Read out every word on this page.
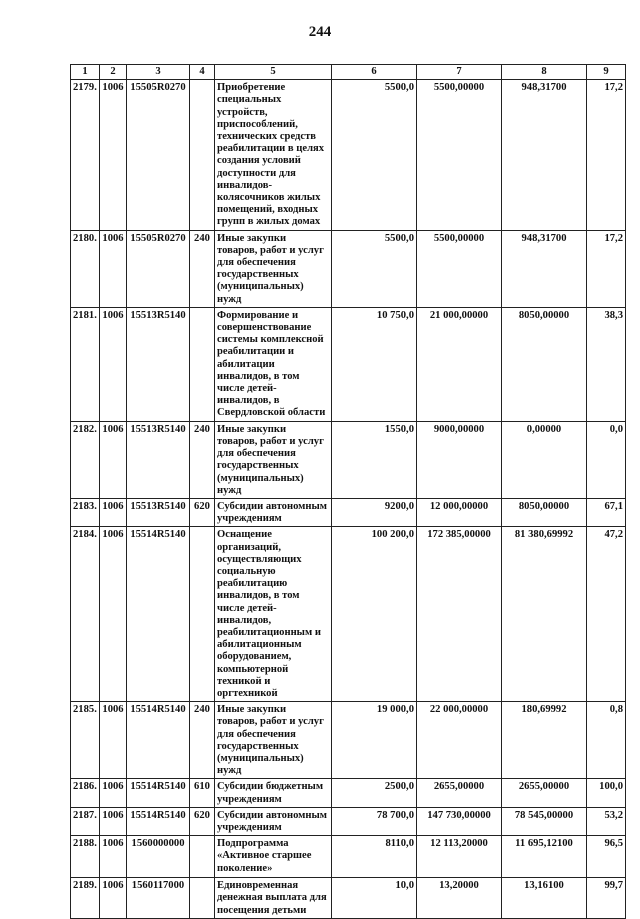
244
1	2	3	4	5	6	7	8	9
2179.	1006	15505R0270		Приобретение специальных устройств, приспособлений, технических средств реабилитации в целях создания условий доступности для инвалидов-колясочников жилых помещений, входных групп в жилых домах	5500,0	5500,00000	948,31700	17,2
2180.	1006	15505R0270	240	Иные закупки товаров, работ и услуг для обеспечения государственных (муниципальных) нужд	5500,0	5500,00000	948,31700	17,2
2181.	1006	15513R5140		Формирование и совершенствование системы комплексной реабилитации и абилитации инвалидов, в том числе детей-инвалидов, в Свердловской области	10 750,0	21 000,00000	8050,00000	38,3
2182.	1006	15513R5140	240	Иные закупки товаров, работ и услуг для обеспечения государственных (муниципальных) нужд	1550,0	9000,00000	0,00000	0,0
2183.	1006	15513R5140	620	Субсидии автономным учреждениям	9200,0	12 000,00000	8050,00000	67,1
2184.	1006	15514R5140		Оснащение организаций, осуществляющих социальную реабилитацию инвалидов, в том числе детей-инвалидов, реабилитационным и абилитационным оборудованием, компьютерной техникой и оргтехникой	100 200,0	172 385,00000	81 380,69992	47,2
2185.	1006	15514R5140	240	Иные закупки товаров, работ и услуг для обеспечения государственных (муниципальных) нужд	19 000,0	22 000,00000	180,69992	0,8
2186.	1006	15514R5140	610	Субсидии бюджетным учреждениям	2500,0	2655,00000	2655,00000	100,0
2187.	1006	15514R5140	620	Субсидии автономным учреждениям	78 700,0	147 730,00000	78 545,00000	53,2
2188.	1006	1560000000		Подпрограмма «Активное старшее поколение»	8110,0	12 113,20000	11 695,12100	96,5
2189.	1006	1560117000		Единовременная денежная выплата для посещения детьми	10,0	13,20000	13,16100	99,7
